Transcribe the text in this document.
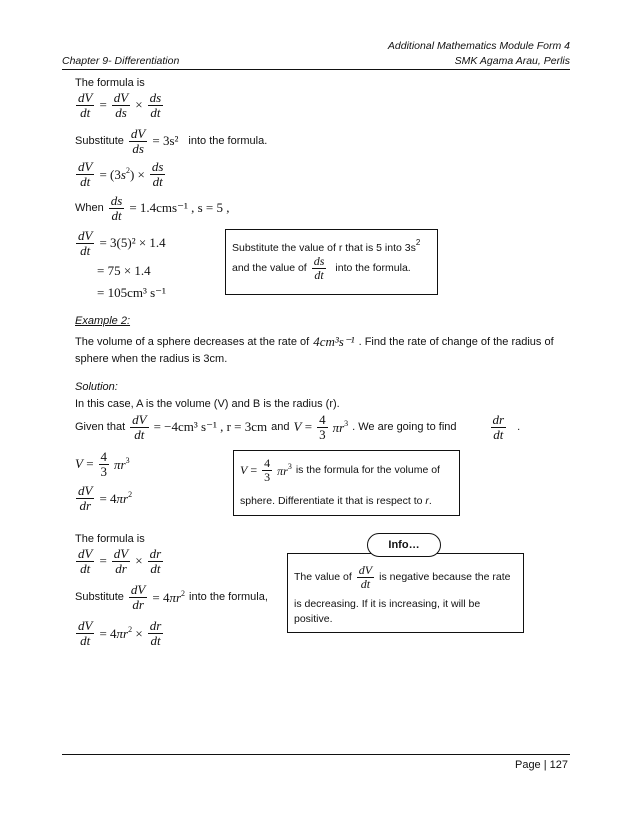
Additional Mathematics Module Form 4
Chapter 9- Differentiation	SMK Agama Arau, Perlis
The formula is
$\frac{dV}{dt} = \frac{dV}{ds} \times \frac{ds}{dt}$
Substitute $\frac{dV}{ds} = 3s^2$ into the formula.
$\frac{dV}{dt} = (3s^2) \times \frac{ds}{dt}$
When $\frac{ds}{dt} = 1.4cms^{-1}$ , s = 5 ,
$\frac{dV}{dt} = 3(5)^2 \times 1.4$
= 75 × 1.4
= 105cm³ s⁻¹
Substitute the value of r that is 5 into $3s^2$
and the value of $\frac{ds}{dt}$ into the formula.
Example 2:
The volume of a sphere decreases at the rate of 4cm³s⁻¹ . Find the rate of change of the radius of
sphere when the radius is 3cm.
Solution:
In this case, A is the volume (V) and B is the radius (r).
Given that $\frac{dV}{dt} = -4cm^3$ s⁻¹ , r = 3cm and $V = \frac{4}{3} \pi r^3$ . We are going to find	$\frac{dr}{dt}$ .
$V = \frac{4}{3} \pi r^3$
$\frac{dV}{dr} = 4\pi r^2$
$V = \frac{4}{3} \pi r^3$ is the formula for the volume of
sphere. Differentiate it that is respect to r.
The formula is
$\frac{dV}{dt} = \frac{dV}{dr} \times \frac{dr}{dt}$
Substitute $\frac{dV}{dr} = 4\pi r^2$ into the formula,
$\frac{dV}{dt} = 4\pi r^2 \times \frac{dr}{dt}$
The value of $\frac{dV}{dt}$ is negative because the rate
is decreasing. If it is increasing, it will be
positive.
Info…
Page | 127
